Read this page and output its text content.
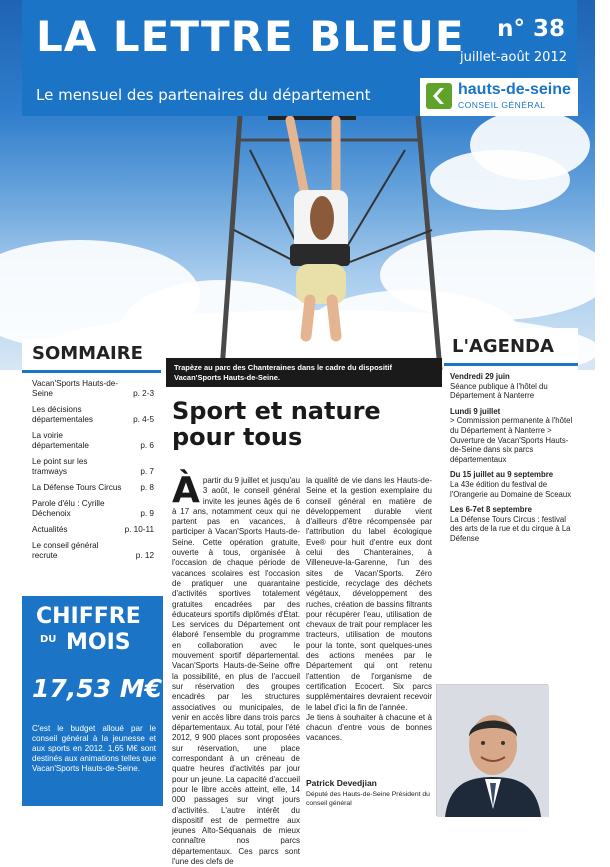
LA LETTRE BLEUE n° 38
juillet-août 2012
Le mensuel des partenaires du département	hauts-de-seine
CONSEIL GÉNÉRAL
SOMMAIRE
Vacan'Sports Hauts-de-Seine	p. 2-3
Les décisions départementales	p. 4-5
La voirie départementale	p. 6
Le point sur les tramways	p. 7
La Défense Tours Circus	p. 8
Parole d'élu : Cyrille Déchenoix	p. 9
Actualités	p. 10-11
Le conseil général recrute	p. 12
CHIFFRE
DU MOIS
17,53 M€
C'est le budget alloué par le conseil général à la jeunesse et aux sports en 2012. 1,65 M€ sont destinés aux animations telles que Vacan'Sports Hauts-de-Seine.
Trapèze au parc des Chanteraines dans le cadre du dispositif Vacan'Sports Hauts-de-Seine.
Sport et nature
pour tous
À partir du 9 juillet et jusqu'au 3 août, le conseil général invite les jeunes âgés de 6 à 17 ans, notamment ceux qui ne partent pas en vacances, à participer à Vacan'Sports Hauts-de-Seine. Cette opération gratuite, ouverte à tous, organisée à l'occasion de chaque période de vacances scolaires est l'occasion de pratiquer une quarantaine d'activités sportives totalement gratuites encadrées par des éducateurs sportifs diplômés d'État. Les services du Département ont élaboré l'ensemble du programme en collaboration avec le mouvement sportif départemental. Vacan'Sports Hauts-de-Seine offre la possibilité, en plus de l'accueil sur réservation des groupes encadrés par les structures associatives ou municipales, de venir en accès libre dans trois parcs départementaux. Au total, pour l'été 2012, 9 900 places sont proposées sur réservation, une place correspondant à un créneau de quatre heures d'activités par jour pour un jeune. La capacité d'accueil pour le libre accès atteint, elle, 14 000 passages sur vingt jours d'activités. L'autre intérêt du dispositif est de permettre aux jeunes Alto-Séquanais de mieux connaître nos parcs départementaux. Ces parcs sont l'une des clefs de

la qualité de vie dans les Hauts-de-Seine et la gestion exemplaire du conseil général en matière de développement durable vient d'ailleurs d'être récompensée par l'attribution du label écologique Eve® pour huit d'entre eux dont celui des Chanteraines, à Villeneuve-la-Garenne, l'un des sites de Vacan'Sports. Zéro pesticide, recyclage des déchets végétaux, développement des ruches, création de bassins filtrants pour récupérer l'eau, utilisation de chevaux de trait pour remplacer les tracteurs, utilisation de moutons pour la tonte, sont quelques-unes des actions menées par le Département qui ont retenu l'attention de l'organisme de certification Ecocert. Six parcs supplémentaires devraient recevoir le label d'ici la fin de l'année.

Je tiens à souhaiter à chacune et à chacun d'entre vous de bonnes vacances.

Patrick Devedjian
Député des Hauts-de-Seine Président du conseil général
L'AGENDA
Vendredi 29 juin
Séance publique à l'hôtel du Département à Nanterre
Lundi 9 juillet
> Commission permanente à l'hôtel du Département à Nanterre > Ouverture de Vacan'Sports Hauts-de-Seine dans six parcs départementaux
Du 15 juillet au 9 septembre
La 43e édition du festival de l'Orangerie au Domaine de Sceaux
Les 6-7et 8 septembre
La Défense Tours Circus : festival des arts de la rue et du cirque à La Défense
